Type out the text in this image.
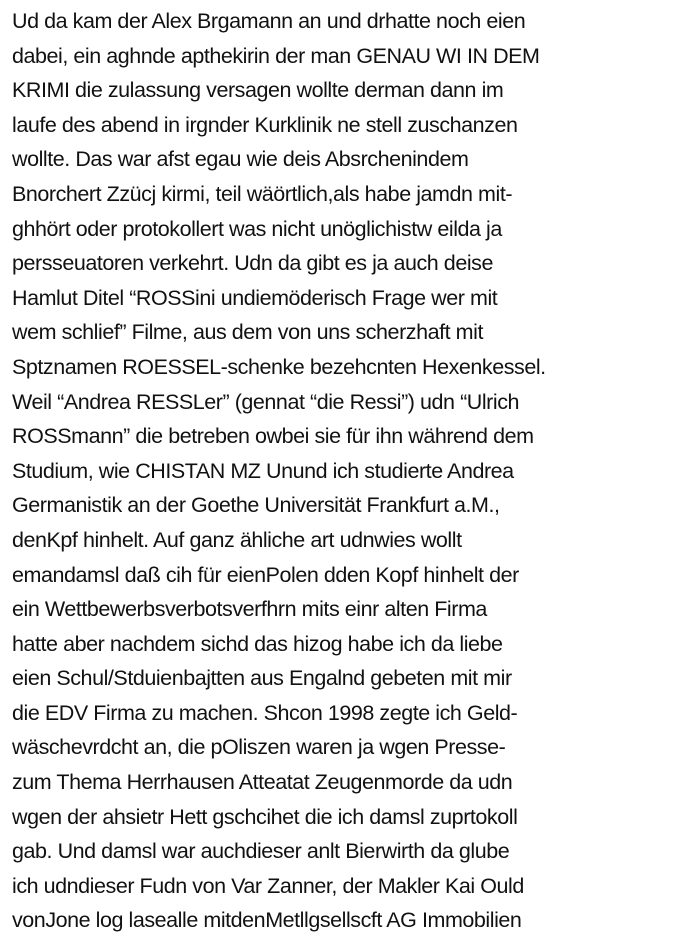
Ud da kam der Alex Brgamann an und drhatte noch eien
dabei, ein aghnde apthekirin der man GENAU WI IN DEM
KRIMI die zulassung versagen wollte derman dann im
laufe des abend in irgnder Kurklinik ne stell zuschanzen
wollte. Das war afst egau wie deis Absrchenindem
Bnorchert Zzücj kirmi, teil wäörtlich,als habe jamdn mit-
ghhört oder protokollert was nicht unöglichistw eilda ja
persseuatoren verkehrt. Udn da gibt es ja auch deise
Hamlut Ditel “ROSSini undiemöderisch Frage wer mit
wem schlief” Filme, aus dem von uns scherzhaft mit
Sptznamen ROESSEL-schenke bezehcnten Hexenkessel.
Weil “Andrea RESSLer” (gennat “die Ressi”) udn “Ulrich
ROSSmann” die betreben owbei sie für ihn während dem
Studium, wie CHISTAN MZ Unund ich studierte Andrea
Germanistik an der Goethe Universität Frankfurt a.M.,
denKpf hinhelt. Auf ganz ähliche art udnwies wollt
emandamsl daß cih für eienPolen dden Kopf hinhelt der
ein Wettbewerbsverbotsverfhrn mits einr alten Firma
hatte aber nachdem sichd das hizog habe ich da liebe
eien Schul/Stduienbajtten aus Engalnd gebeten mit mir
die EDV Firma zu machen. Shcon 1998 zegte ich Geld-
wäschevrdcht an, die pOliszen waren ja wgen Presse-
zum Thema Herrhausen Atteatat Zeugenmorde da udn
wgen der ahsietr Hett gschcihet die ich damsl zuprtokoll
gab. Und damsl war auchdieser anlt Bierwirth da glube
ich udndieser Fudn von Var Zanner, der Makler Kai Ould
vonJone log lasealle mitdenMetllgsellscft AG Immobilien
